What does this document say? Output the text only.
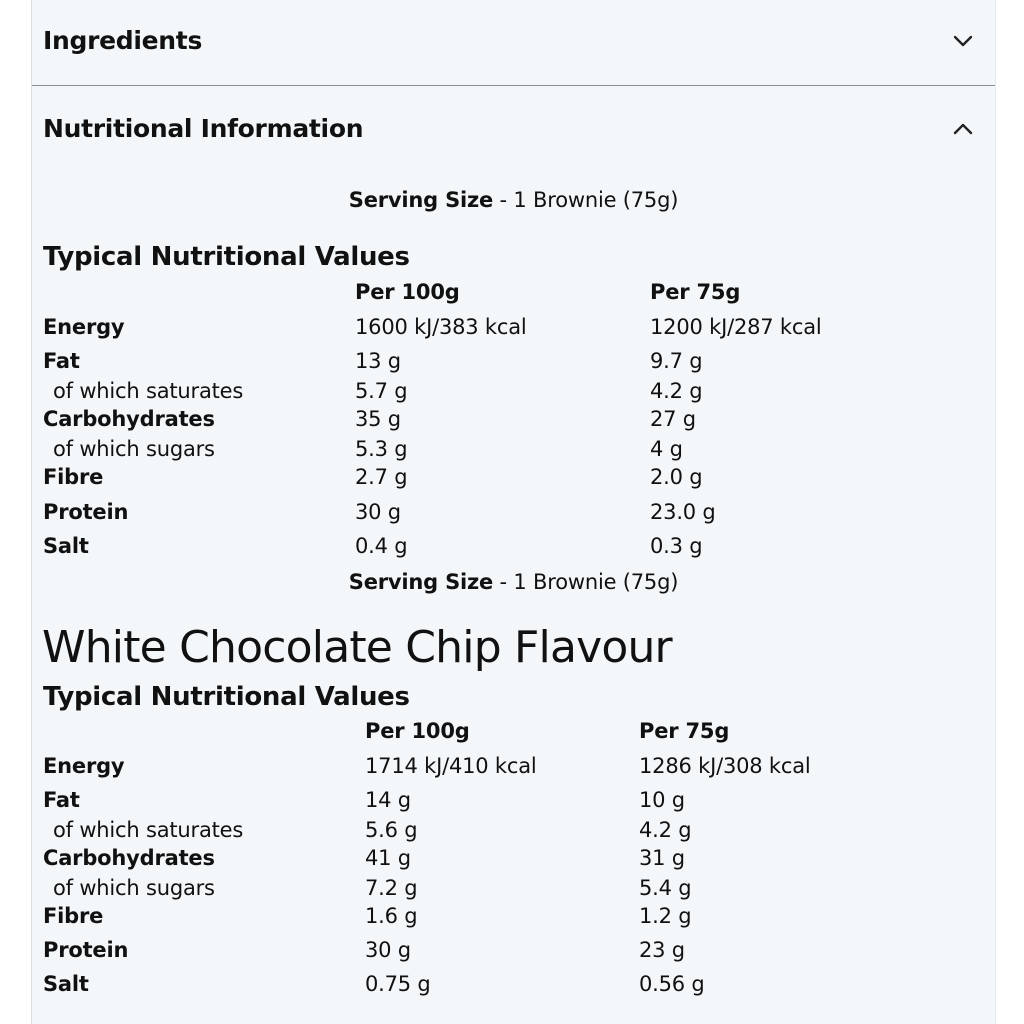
Ingredients
Nutritional Information
Serving Size - 1 Brownie (75g)
Typical Nutritional Values
Per 100g	Per 75g
Energy	1600 kJ/383 kcal	1200 kJ/287 kcal
Fat	13 g	9.7 g
of which saturates	5.7 g	4.2 g
Carbohydrates	35 g	27 g
of which sugars	5.3 g	4 g
Fibre	2.7 g	2.0 g
Protein	30 g	23.0 g
Salt	0.4 g	0.3 g
Serving Size - 1 Brownie (75g)
White Chocolate Chip Flavour
Typical Nutritional Values
Per 100g	Per 75g
Energy	1714 kJ/410 kcal	1286 kJ/308 kcal
Fat	14 g	10 g
of which saturates	5.6 g	4.2 g
Carbohydrates	41 g	31 g
of which sugars	7.2 g	5.4 g
Fibre	1.6 g	1.2 g
Protein	30 g	23 g
Salt	0.75 g	0.56 g
